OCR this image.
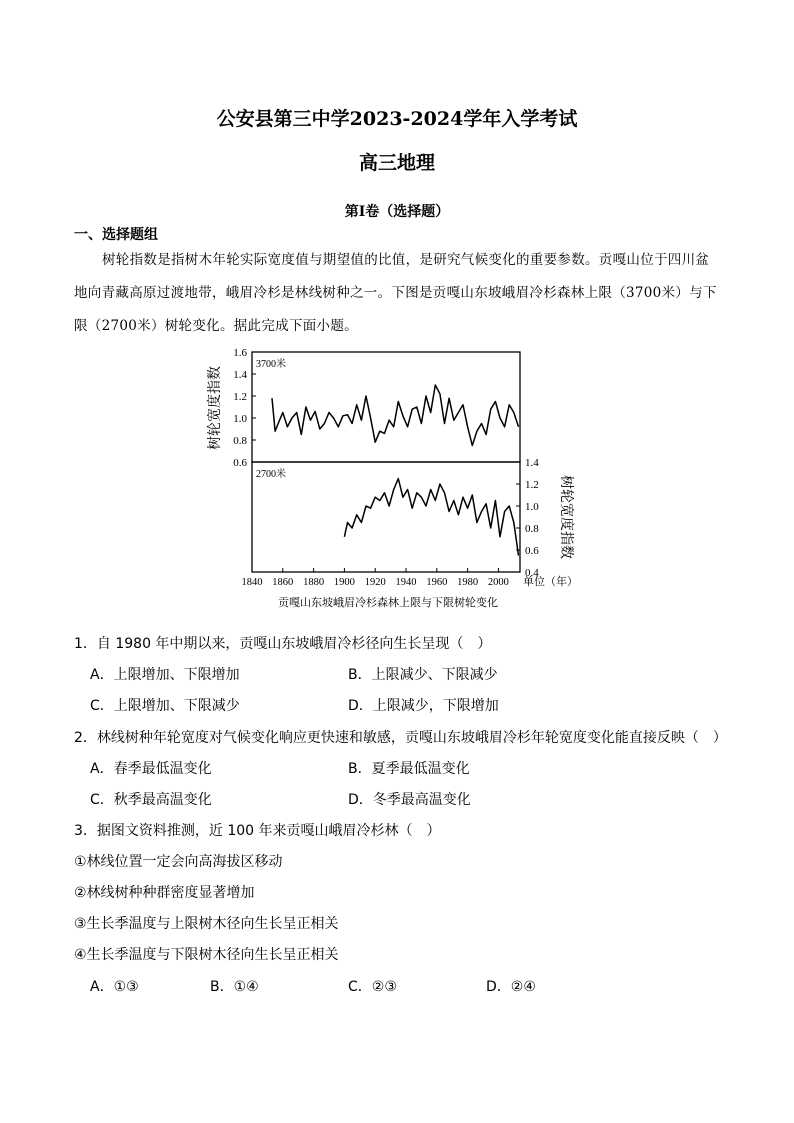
公安县第三中学2023-2024学年入学考试
高三地理
第I卷（选择题）
一、选择题组
树轮指数是指树木年轮实际宽度值与期望值的比值，是研究气候变化的重要参数。贡嘎山位于四川盆地向青藏高原过渡地带，峨眉冷杉是林线树种之一。下图是贡嘎山东坡峨眉冷杉森林上限（3700米）与下限（2700米）树轮变化。据此完成下面小题。
3700米
2700米
树轮宽度指数
树轮宽度指数
单位（年）
贡嘎山东坡峨眉冷杉森林上限与下限树轮变化
0.6
0.8
1.0
1.2
1.4
1.6
0.4
0.6
0.8
1.0
1.2
1.4
1840 1860 1880 1900 1920 1940 1960 1980 2000
1．自 1980 年中期以来，贡嘎山东坡峨眉冷杉径向生长呈现（　）
A．上限增加、下限增加	B．上限减少、下限减少
C．上限增加、下限减少	D．上限减少，下限增加
2．林线树种年轮宽度对气候变化响应更快速和敏感，贡嘎山东坡峨眉冷杉年轮宽度变化能直接反映（　）
A．春季最低温变化	B．夏季最低温变化
C．秋季最高温变化	D．冬季最高温变化
3．据图文资料推测，近 100 年来贡嘎山峨眉冷杉林（　）
①林线位置一定会向高海拔区移动
②林线树种种群密度显著增加
③生长季温度与上限树木径向生长呈正相关
④生长季温度与下限树木径向生长呈正相关
A．①③	B．①④	C．②③	D．②④
